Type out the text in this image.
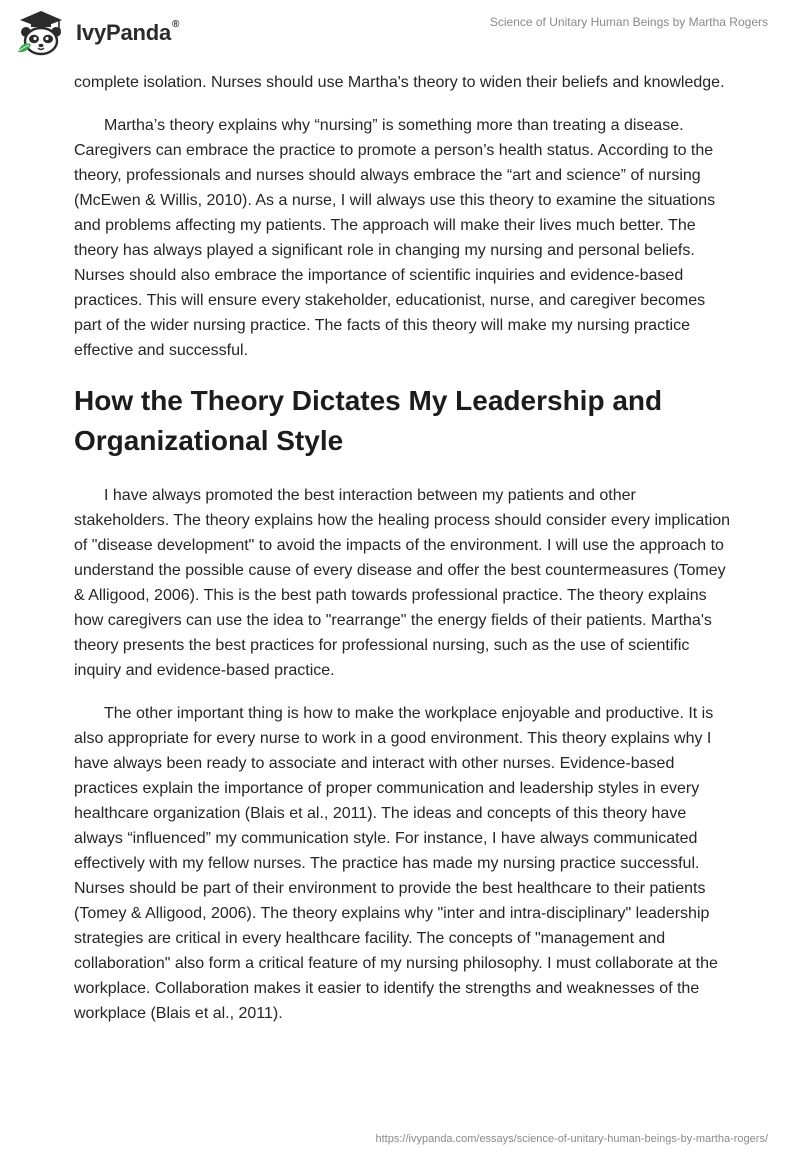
IvyPanda®	Science of Unitary Human Beings by Martha Rogers

complete isolation. Nurses should use Martha's theory to widen their beliefs and knowledge.

Martha’s theory explains why “nursing” is something more than treating a disease. Caregivers can embrace the practice to promote a person’s health status. According to the theory, professionals and nurses should always embrace the “art and science” of nursing (McEwen & Willis, 2010). As a nurse, I will always use this theory to examine the situations and problems affecting my patients. The approach will make their lives much better. The theory has always played a significant role in changing my nursing and personal beliefs. Nurses should also embrace the importance of scientific inquiries and evidence-based practices. This will ensure every stakeholder, educationist, nurse, and caregiver becomes part of the wider nursing practice. The facts of this theory will make my nursing practice effective and successful.

How the Theory Dictates My Leadership and Organizational Style

I have always promoted the best interaction between my patients and other stakeholders. The theory explains how the healing process should consider every implication of "disease development" to avoid the impacts of the environment. I will use the approach to understand the possible cause of every disease and offer the best countermeasures (Tomey & Alligood, 2006). This is the best path towards professional practice. The theory explains how caregivers can use the idea to "rearrange" the energy fields of their patients. Martha's theory presents the best practices for professional nursing, such as the use of scientific inquiry and evidence-based practice.

The other important thing is how to make the workplace enjoyable and productive. It is also appropriate for every nurse to work in a good environment. This theory explains why I have always been ready to associate and interact with other nurses. Evidence-based practices explain the importance of proper communication and leadership styles in every healthcare organization (Blais et al., 2011). The ideas and concepts of this theory have always “influenced” my communication style. For instance, I have always communicated effectively with my fellow nurses. The practice has made my nursing practice successful. Nurses should be part of their environment to provide the best healthcare to their patients (Tomey & Alligood, 2006). The theory explains why "inter and intra-disciplinary" leadership strategies are critical in every healthcare facility. The concepts of "management and collaboration" also form a critical feature of my nursing philosophy. I must collaborate at the workplace. Collaboration makes it easier to identify the strengths and weaknesses of the workplace (Blais et al., 2011).

https://ivypanda.com/essays/science-of-unitary-human-beings-by-martha-rogers/
